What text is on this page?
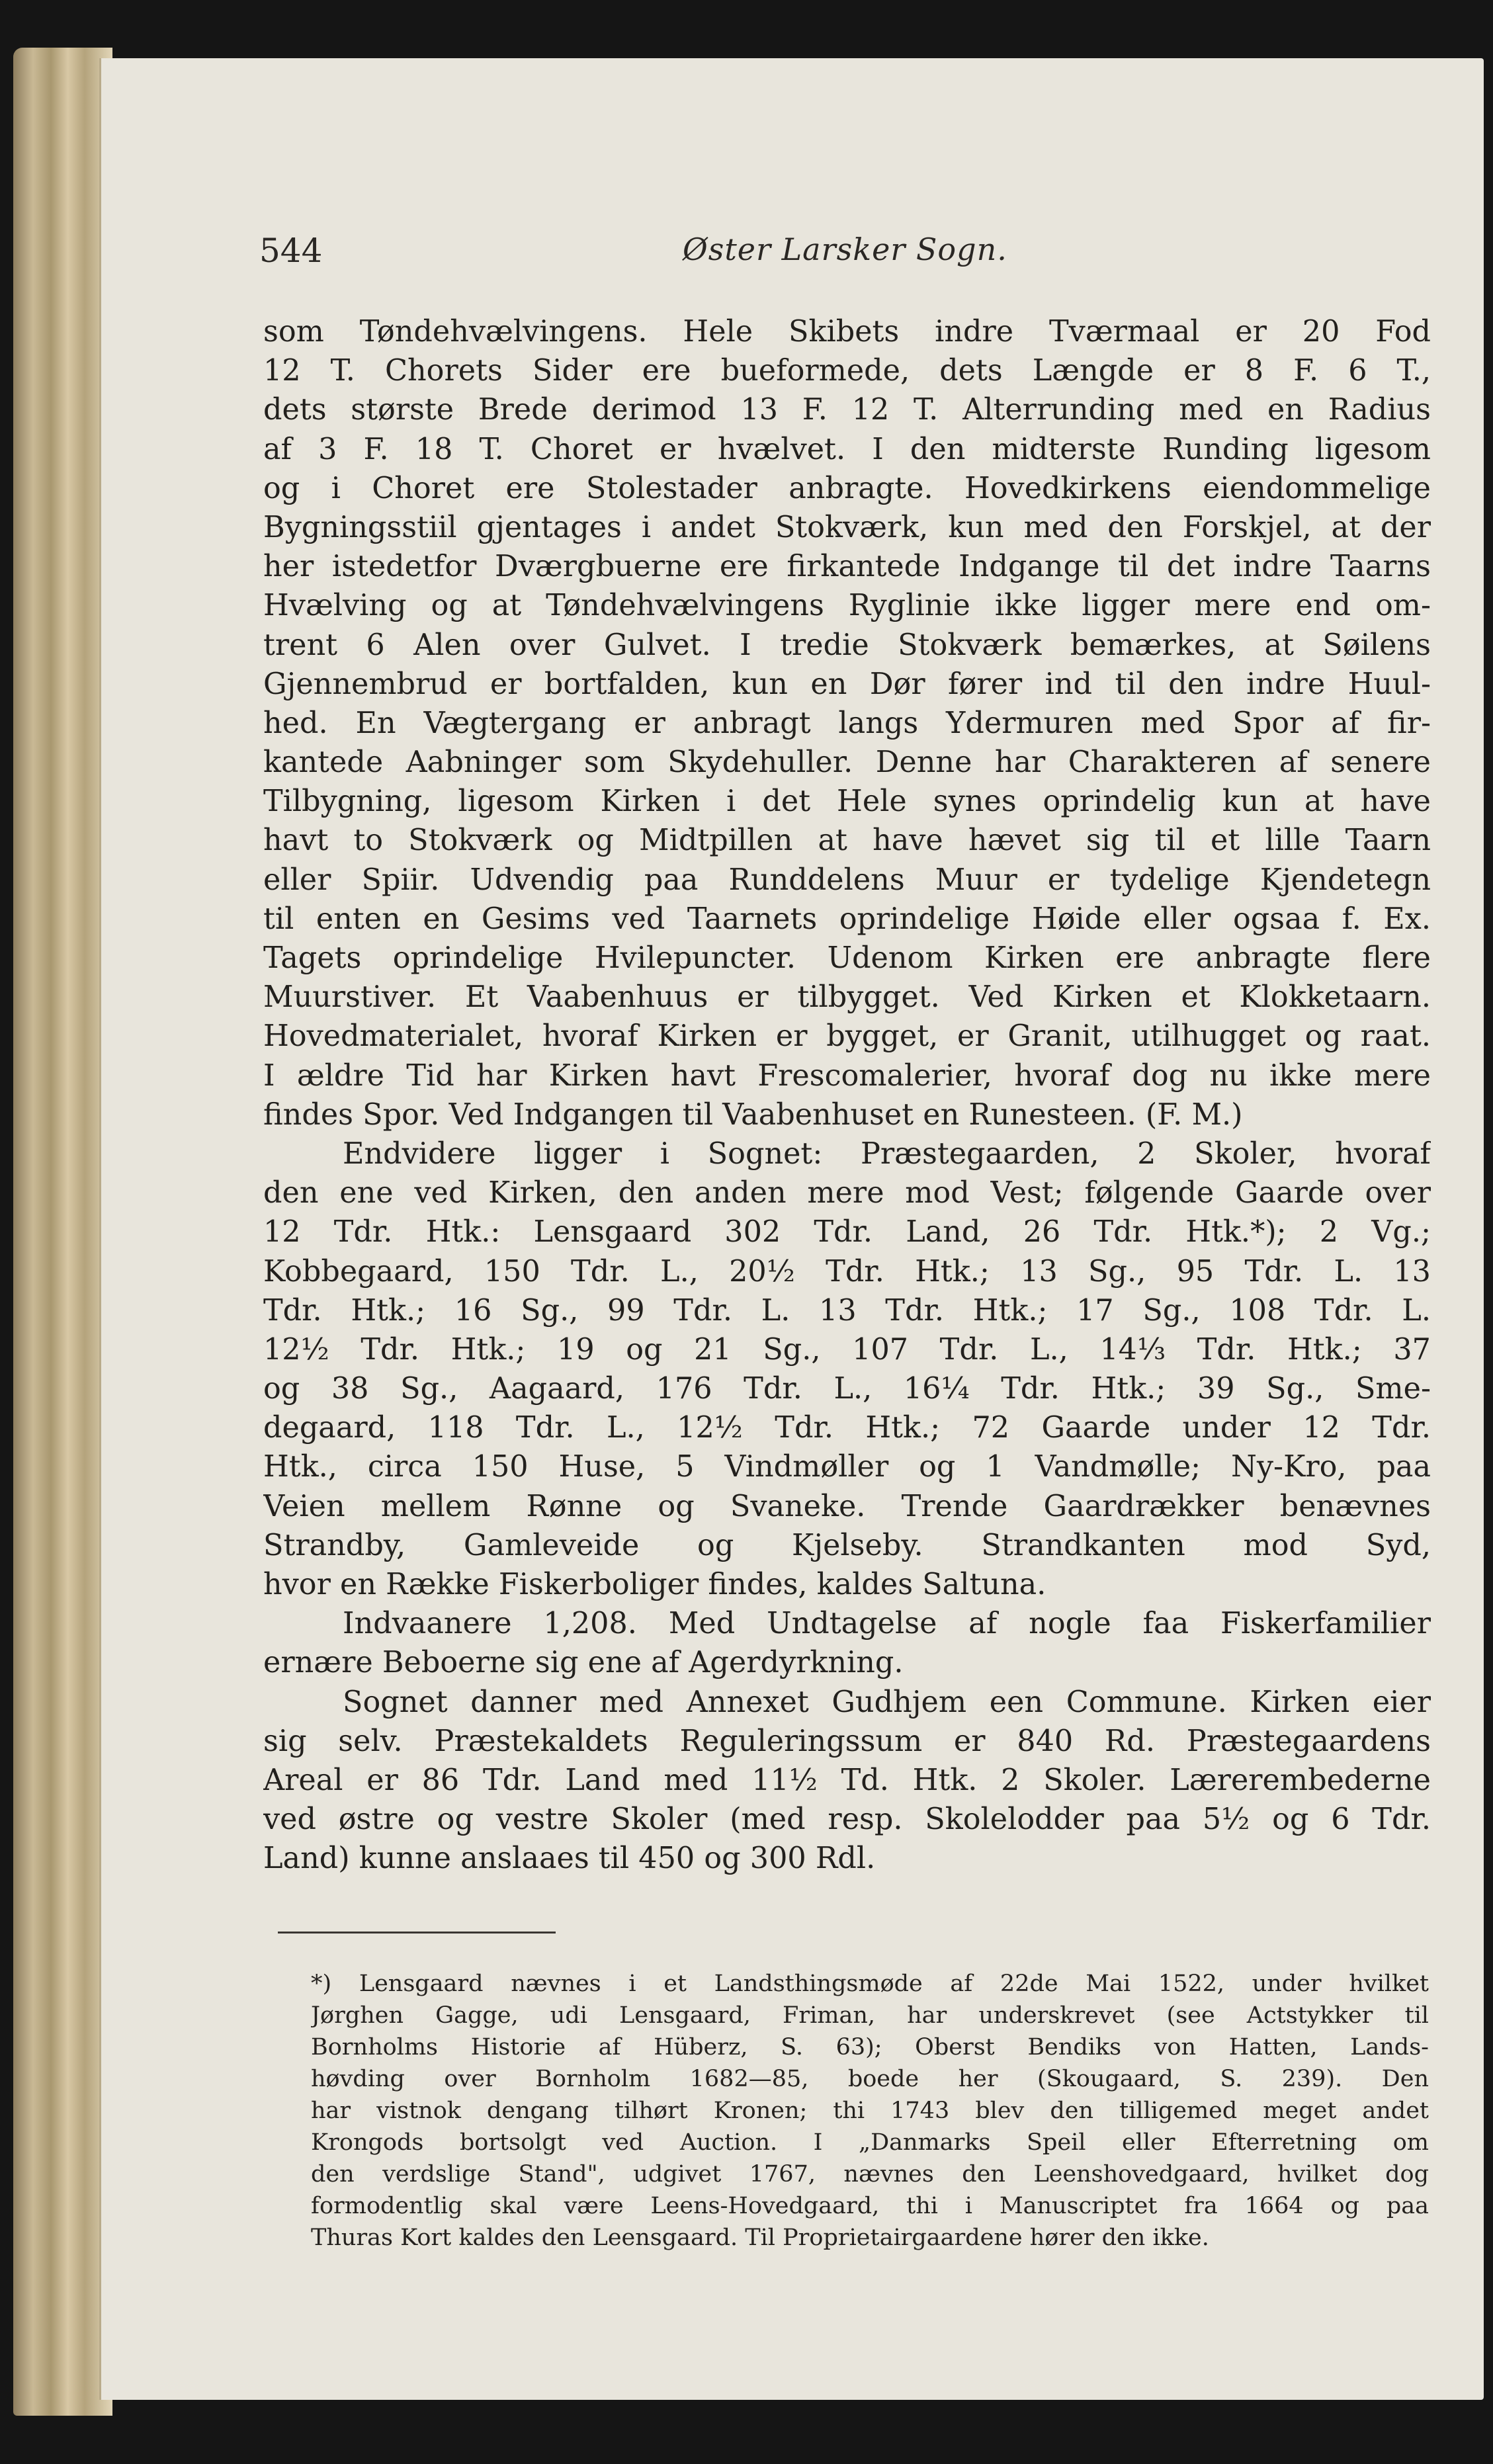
544	Øster Larsker Sogn.
som Tøndehvælvingens. Hele Skibets indre Tværmaal er 20 Fod
12 T. Chorets Sider ere bueformede, dets Længde er 8 F. 6 T.,
dets største Brede derimod 13 F. 12 T. Alterrunding med en Radius
af 3 F. 18 T. Choret er hvælvet. I den midterste Runding ligesom
og i Choret ere Stolestader anbragte. Hovedkirkens eiendommelige
Bygningsstiil gjentages i andet Stokværk, kun med den Forskjel, at der
her istedetfor Dværgbuerne ere firkantede Indgange til det indre Taarns
Hvælving og at Tøndehvælvingens Ryglinie ikke ligger mere end om-
trent 6 Alen over Gulvet. I tredie Stokværk bemærkes, at Søilens
Gjennembrud er bortfalden, kun en Dør fører ind til den indre Huul-
hed. En Vægtergang er anbragt langs Ydermuren med Spor af fir-
kantede Aabninger som Skydehuller. Denne har Charakteren af senere
Tilbygning, ligesom Kirken i det Hele synes oprindelig kun at have
havt to Stokværk og Midtpillen at have hævet sig til et lille Taarn
eller Spiir. Udvendig paa Runddelens Muur er tydelige Kjendetegn
til enten en Gesims ved Taarnets oprindelige Høide eller ogsaa f. Ex.
Tagets oprindelige Hvilepuncter. Udenom Kirken ere anbragte flere
Muurstiver. Et Vaabenhuus er tilbygget. Ved Kirken et Klokketaarn.
Hovedmaterialet, hvoraf Kirken er bygget, er Granit, utilhugget og raat.
I ældre Tid har Kirken havt Frescomalerier, hvoraf dog nu ikke mere
findes Spor. Ved Indgangen til Vaabenhuset en Runesteen. (F. M.)
Endvidere ligger i Sognet: Præstegaarden, 2 Skoler, hvoraf
den ene ved Kirken, den anden mere mod Vest; følgende Gaarde over
12 Tdr. Htk.: Lensgaard 302 Tdr. Land, 26 Tdr. Htk.*); 2 Vg.;
Kobbegaard, 150 Tdr. L., 20½ Tdr. Htk.; 13 Sg., 95 Tdr. L. 13
Tdr. Htk.; 16 Sg., 99 Tdr. L. 13 Tdr. Htk.; 17 Sg., 108 Tdr. L.
12½ Tdr. Htk.; 19 og 21 Sg., 107 Tdr. L., 14⅓ Tdr. Htk.; 37
og 38 Sg., Aagaard, 176 Tdr. L., 16¼ Tdr. Htk.; 39 Sg., Sme-
degaard, 118 Tdr. L., 12½ Tdr. Htk.; 72 Gaarde under 12 Tdr.
Htk., circa 150 Huse, 5 Vindmøller og 1 Vandmølle; Ny-Kro, paa
Veien mellem Rønne og Svaneke. Trende Gaardrækker benævnes
Strandby, Gamleveide og Kjelseby. Strandkanten mod Syd,
hvor en Række Fiskerboliger findes, kaldes Saltuna.
Indvaanere 1,208. Med Undtagelse af nogle faa Fiskerfamilier
ernære Beboerne sig ene af Agerdyrkning.
Sognet danner med Annexet Gudhjem een Commune. Kirken eier
sig selv. Præstekaldets Reguleringssum er 840 Rd. Præstegaardens
Areal er 86 Tdr. Land med 11½ Td. Htk. 2 Skoler. Lærerembederne
ved østre og vestre Skoler (med resp. Skolelodder paa 5½ og 6 Tdr.
Land) kunne anslaaes til 450 og 300 Rdl.
*) Lensgaard nævnes i et Landsthingsmøde af 22de Mai 1522, under hvilket
Jørghen Gagge, udi Lensgaard, Friman, har underskrevet (see Actstykker til
Bornholms Historie af Hüberz, S. 63); Oberst Bendiks von Hatten, Lands-
høvding over Bornholm 1682—85, boede her (Skougaard, S. 239). Den
har vistnok dengang tilhørt Kronen; thi 1743 blev den tilligemed meget andet
Krongods bortsolgt ved Auction. I „Danmarks Speil eller Efterretning om
den verdslige Stand", udgivet 1767, nævnes den Leenshovedgaard, hvilket dog
formodentlig skal være Leens-Hovedgaard, thi i Manuscriptet fra 1664 og paa
Thuras Kort kaldes den Leensgaard. Til Proprietairgaardene hører den ikke.
